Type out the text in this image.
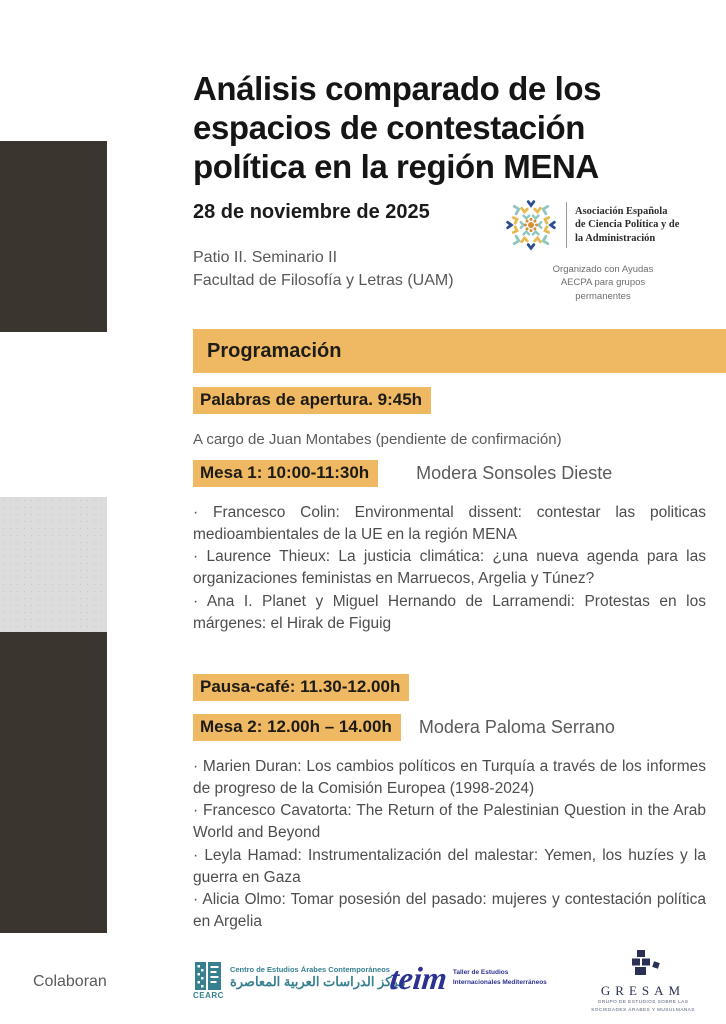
Análisis comparado de los espacios de contestación política en la región MENA
28 de noviembre de 2025
Patio II. Seminario II
Facultad de Filosofía y Letras (UAM)
Asociación Española
de Ciencia Política y de
la Administración
Organizado con Ayudas
AECPA para grupos
permanentes
Programación
Palabras de apertura. 9:45h
A cargo de Juan Montabes (pendiente de confirmación)
Mesa 1: 10:00-11:30h	Modera Sonsoles Dieste

· Francesco Colin: Environmental dissent: contestar las politicas medioambientales de la UE en la región MENA

· Laurence Thieux: La justicia climática: ¿una nueva agenda para las organizaciones feministas en Marruecos, Argelia y Túnez?

· Ana I. Planet y Miguel Hernando de Larramendi: Protestas en los márgenes: el Hirak de Figuig

Pausa-café: 11.30-12.00h
Mesa 2: 12.00h – 14.00h	Modera Paloma Serrano

· Marien Duran: Los cambios políticos en Turquía a través de los informes de progreso de la Comisión Europea (1998-2024)

· Francesco Cavatorta: The Return of the Palestinian Question in the Arab World and Beyond

· Leyla Hamad: Instrumentalización del malestar: Yemen, los huzíes y la guerra en Gaza

· Alicia Olmo: Tomar posesión del pasado: mujeres y contestación política en Argelia

Colaboran
CEARC
Centro de Estudios Árabes Contemporáneos
مركز الدراسات العربية المعاصرة
teim Taller de Estudios
Internacionales Mediterráneos
GRESAM
GRUPO DE ESTUDIOS SOBRE LAS
SOCIEDADES ÁRABES Y MUSULMANAS
